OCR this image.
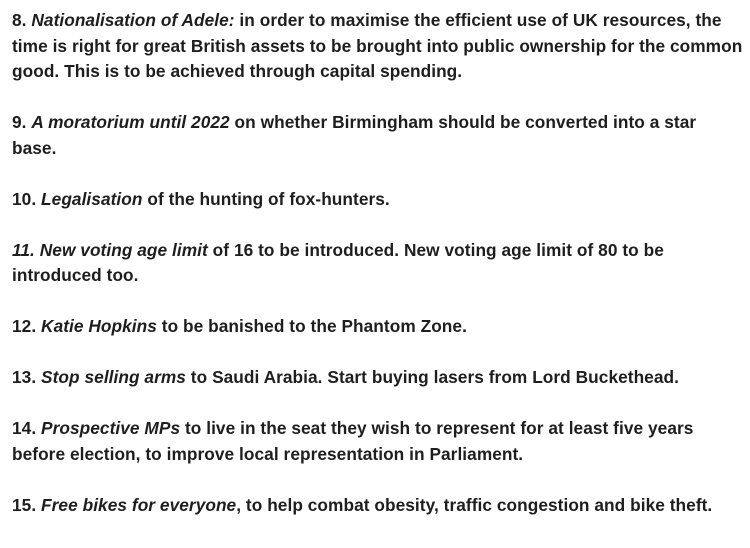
8. Nationalisation of Adele: in order to maximise the efficient use of UK resources, the time is right for great British assets to be brought into public ownership for the common good. This is to be achieved through capital spending.

9. A moratorium until 2022 on whether Birmingham should be converted into a star base.

10. Legalisation of the hunting of fox-hunters.

11. New voting age limit of 16 to be introduced. New voting age limit of 80 to be introduced too.

12. Katie Hopkins to be banished to the Phantom Zone.

13. Stop selling arms to Saudi Arabia. Start buying lasers from Lord Buckethead.

14. Prospective MPs to live in the seat they wish to represent for at least five years before election, to improve local representation in Parliament.

15. Free bikes for everyone, to help combat obesity, traffic congestion and bike theft.
